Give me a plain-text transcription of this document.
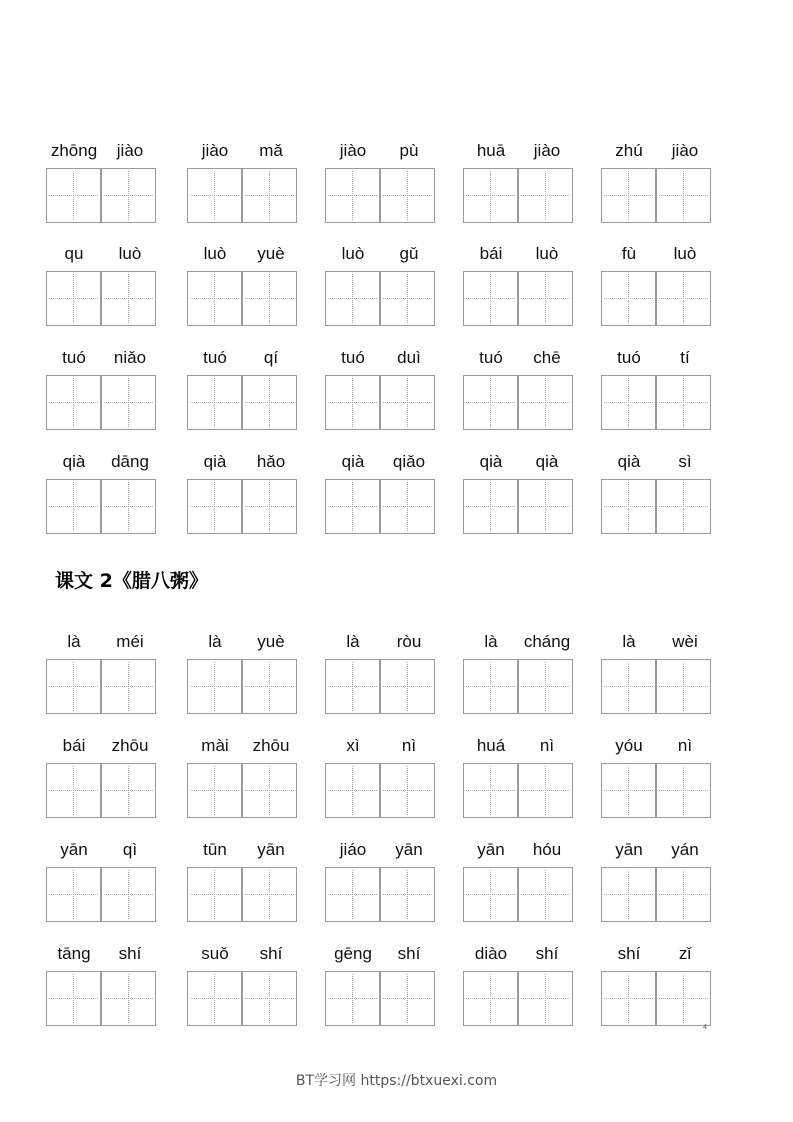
zhōng	jiào	jiào	mǎ	jiào	pù	huā	jiào	zhú	jiào
qu	luò	luò	yuè	luò	gǔ	bái	luò	fù	luò
tuó	niǎo	tuó	qí	tuó	duì	tuó	chē	tuó	tí
qià	dāng	qià	hǎo	qià	qiǎo	qià	qià	qià	sì
课文 2《腊八粥》
là	méi	là	yuè	là	ròu	là	cháng	là	wèi
bái	zhōu	mài	zhōu	xì	nì	huá	nì	yóu	nì
yān	qì	tūn	yān	jiáo	yān	yān	hóu	yān	yán
tāng	shí	suǒ	shí	gēng	shí	diào	shí	shí	zǐ
4
BT学习网 https://btxuexi.com
